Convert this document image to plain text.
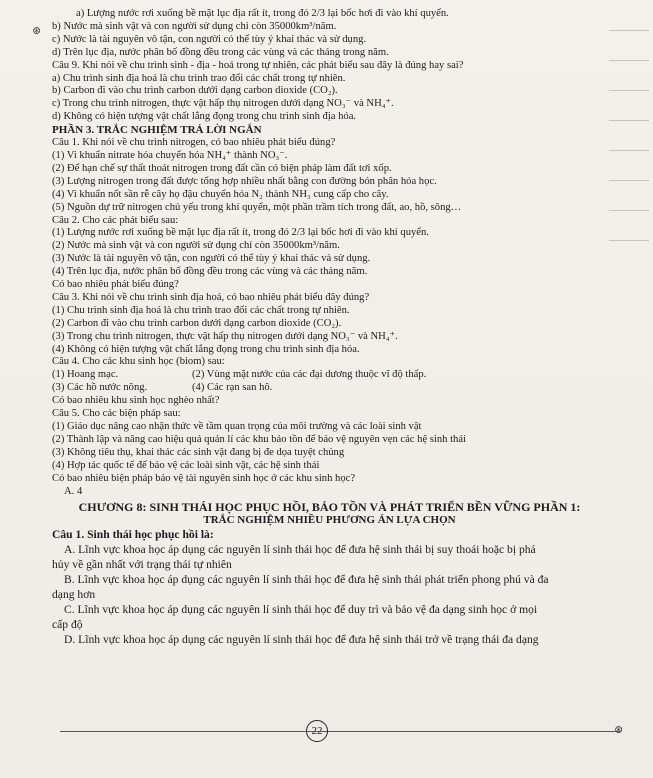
⊛
⊛
a) Lượng nước rơi xuống bề mặt lục địa rất ít, trong đó 2/3 lại bốc hơi đi vào khí quyển.
b) Nước mà sinh vật và con người sử dụng chỉ còn 35000km³/năm.
c) Nước là tài nguyên vô tận, con người có thể tùy ý khai thác và sử dụng.
d) Trên lục địa, nước phân bố đồng đều trong các vùng và các tháng trong năm.
Câu 9. Khi nói về chu trình sinh - địa - hoá trong tự nhiên, các phát biểu sau đây là đúng hay sai?
a) Chu trình sinh địa hoá là chu trình trao đổi các chất trong tự nhiên.
b) Carbon đi vào chu trình carbon dưới dạng carbon dioxide (CO₂).
c) Trong chu trình nitrogen, thực vật hấp thụ nitrogen dưới dạng NO₃⁻ và NH₄⁺.
d) Không có hiện tượng vật chất lắng đọng trong chu trình sinh địa hóa.
PHẦN 3. TRẮC NGHIỆM TRẢ LỜI NGẮN
Câu 1. Khi nói về chu trình nitrogen, có bao nhiêu phát biểu đúng?
(1) Vi khuẩn nitrate hóa chuyển hóa NH₄⁺ thành NO₃⁻.
(2) Để hạn chế sự thất thoát nitrogen trong đất cần có biện pháp làm đất tơi xốp.
(3) Lượng nitrogen trong đất được tổng hợp nhiều nhất bằng con đường bón phân hóa học.
(4) Vi khuẩn nốt sần rễ cây họ đậu chuyển hóa N₂ thành NH₃ cung cấp cho cây.
(5) Nguồn dự trữ nitrogen chủ yếu trong khí quyển, một phần trầm tích trong đất, ao, hồ, sông…
Câu 2. Cho các phát biểu sau:
(1) Lượng nước rơi xuống bề mặt lục địa rất ít, trong đó 2/3 lại bốc hơi đi vào khí quyển.
(2) Nước mà sinh vật và con người sử dụng chỉ còn 35000km³/năm.
(3) Nước là tài nguyên vô tận, con người có thể tùy ý khai thác và sử dụng.
(4) Trên lục địa, nước phân bố đồng đều trong các vùng và các tháng năm.
Có bao nhiêu phát biểu đúng?
Câu 3. Khi nói về chu trình sinh địa hoá, có bao nhiêu phát biểu đây đúng?
(1) Chu trình sinh địa hoá là chu trình trao đổi các chất trong tự nhiên.
(2) Carbon đi vào chu trình carbon dưới dạng carbon dioxide (CO₂).
(3) Trong chu trình nitrogen, thực vật hấp thụ nitrogen dưới dạng NO₃⁻ và NH₄⁺.
(4) Không có hiện tượng vật chất lắng đọng trong chu trình sinh địa hóa.
Câu 4. Cho các khu sinh học (biom) sau:
(1) Hoang mạc.	(2) Vùng mặt nước của các đại dương thuộc vĩ độ thấp.
(3) Các hồ nước nông.	(4) Các rạn san hô.
Có bao nhiêu khu sinh học nghèo nhất?
Câu 5. Cho các biện pháp sau:
(1) Giáo dục nâng cao nhận thức về tầm quan trọng của môi trường và các loài sinh vật
(2) Thành lập và nâng cao hiệu quả quản lí các khu bảo tồn để bảo vệ nguyên vẹn các hệ sinh thái
(3) Không tiêu thụ, khai thác các sinh vật đang bị đe dọa tuyệt chủng
(4) Hợp tác quốc tế để bảo vệ các loài sinh vật, các hệ sinh thái
Có bao nhiêu biện pháp bảo vệ tài nguyên sinh học ở các khu sinh học?
A. 4
CHƯƠNG 8: SINH THÁI HỌC PHỤC HỒI, BẢO TỒN VÀ PHÁT TRIỂN BỀN VỮNG PHẦN 1:
TRẮC NGHIỆM NHIỀU PHƯƠNG ÁN LỰA CHỌN
Câu 1. Sinh thái học phục hồi là:
A. Lĩnh vực khoa học áp dụng các nguyên lí sinh thái học để đưa hệ sinh thái bị suy thoái hoặc bị phá
hủy về gần nhất với trạng thái tự nhiên
B. Lĩnh vực khoa học áp dụng các nguyên lí sinh thái học để đưa hệ sinh thái phát triển phong phú và đa
dạng hơn
C. Lĩnh vực khoa học áp dụng các nguyên lí sinh thái học để duy trì và bảo vệ đa dạng sinh học ở mọi
cấp độ
D. Lĩnh vực khoa học áp dụng các nguyên lí sinh thái học để đưa hệ sinh thái trở về trạng thái đa dạng
22
